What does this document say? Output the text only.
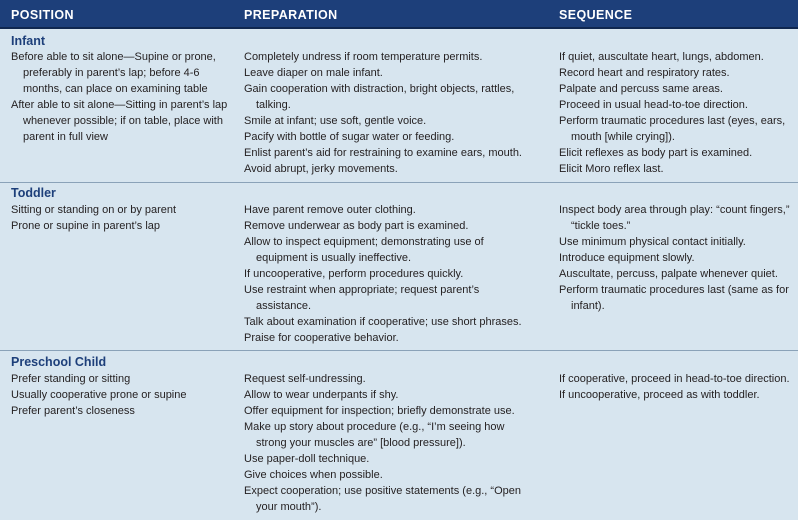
POSITION	PREPARATION	SEQUENCE
Infant
Before able to sit alone—Supine or prone, preferably in parent’s lap; before 4-6 months, can place on examining table
After able to sit alone—Sitting in parent’s lap whenever possible; if on table, place with parent in full view
Completely undress if room temperature permits.
Leave diaper on male infant.
Gain cooperation with distraction, bright objects, rattles, talking.
Smile at infant; use soft, gentle voice.
Pacify with bottle of sugar water or feeding.
Enlist parent’s aid for restraining to examine ears, mouth.
Avoid abrupt, jerky movements.
If quiet, auscultate heart, lungs, abdomen.
Record heart and respiratory rates.
Palpate and percuss same areas.
Proceed in usual head-to-toe direction.
Perform traumatic procedures last (eyes, ears, mouth [while crying]).
Elicit reflexes as body part is examined.
Elicit Moro reflex last.
Toddler
Sitting or standing on or by parent
Prone or supine in parent’s lap
Have parent remove outer clothing.
Remove underwear as body part is examined.
Allow to inspect equipment; demonstrating use of equipment is usually ineffective.
If uncooperative, perform procedures quickly.
Use restraint when appropriate; request parent’s assistance.
Talk about examination if cooperative; use short phrases.
Praise for cooperative behavior.
Inspect body area through play: “count fingers,” “tickle toes.”
Use minimum physical contact initially.
Introduce equipment slowly.
Auscultate, percuss, palpate whenever quiet.
Perform traumatic procedures last (same as for infant).
Preschool Child
Prefer standing or sitting
Usually cooperative prone or supine
Prefer parent’s closeness
Request self-undressing.
Allow to wear underpants if shy.
Offer equipment for inspection; briefly demonstrate use.
Make up story about procedure (e.g., “I’m seeing how strong your muscles are” [blood pressure]).
Use paper-doll technique.
Give choices when possible.
Expect cooperation; use positive statements (e.g., “Open your mouth”).
If cooperative, proceed in head-to-toe direction.
If uncooperative, proceed as with toddler.
